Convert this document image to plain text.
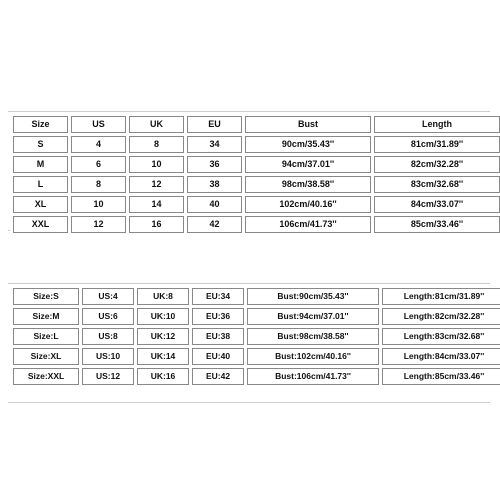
Size	US	UK	EU	Bust	Length
S	4	8	34	90cm/35.43''	81cm/31.89''
M	6	10	36	94cm/37.01''	82cm/32.28''
L	8	12	38	98cm/38.58''	83cm/32.68''
XL	10	14	40	102cm/40.16''	84cm/33.07''
XXL	12	16	42	106cm/41.73''	85cm/33.46''
Size:S	US:4	UK:8	EU:34	Bust:90cm/35.43''	Length:81cm/31.89''
Size:M	US:6	UK:10	EU:36	Bust:94cm/37.01''	Length:82cm/32.28''
Size:L	US:8	UK:12	EU:38	Bust:98cm/38.58''	Length:83cm/32.68''
Size:XL	US:10	UK:14	EU:40	Bust:102cm/40.16''	Length:84cm/33.07''
Size:XXL	US:12	UK:16	EU:42	Bust:106cm/41.73''	Length:85cm/33.46''
